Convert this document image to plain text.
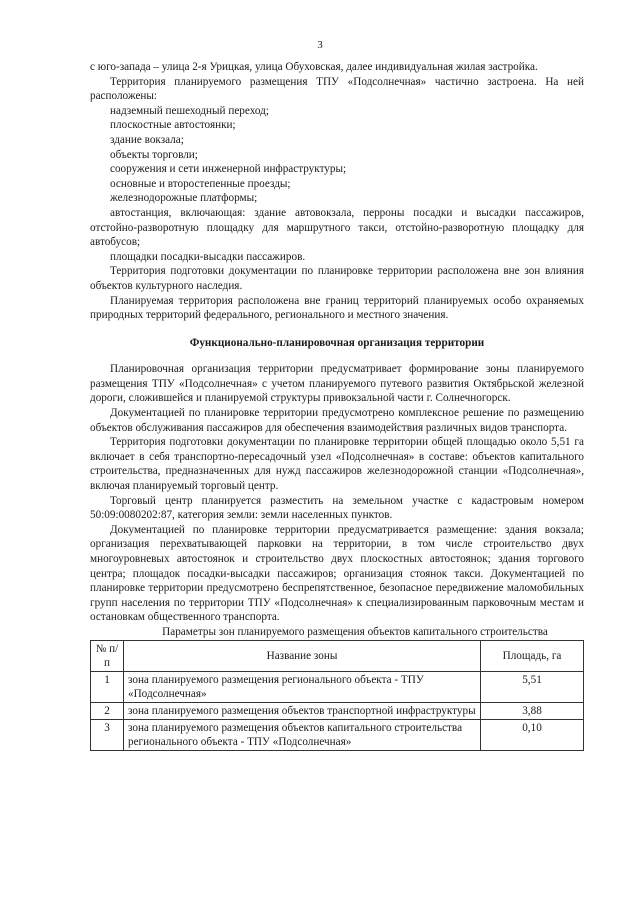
3

с юго-запада – улица 2-я Урицкая, улица Обуховская, далее индивидуальная жилая застройка.

Территория планируемого размещения ТПУ «Подсолнечная» частично застроена. На ней расположены:

надземный пешеходный переход;
плоскостные автостоянки;
здание вокзала;
объекты торговли;
сооружения и сети инженерной инфраструктуры;
основные и второстепенные проезды;
железнодорожные платформы;
автостанция, включающая: здание автовокзала, перроны посадки и высадки пассажиров, отстойно-разворотную площадку для маршрутного такси, отстойно-разворотную площадку для автобусов;
площадки посадки-высадки пассажиров.

Территория подготовки документации по планировке территории расположена вне зон влияния объектов культурного наследия.

Планируемая территория расположена вне границ территорий планируемых особо охраняемых природных территорий федерального, регионального и местного значения.

Функционально-планировочная организация территории

Планировочная организация территории предусматривает формирование зоны планируемого размещения ТПУ «Подсолнечная» с учетом планируемого путевого развития Октябрьской железной дороги, сложившейся и планируемой структуры привокзальной части г. Солнечногорск.

Документацией по планировке территории предусмотрено комплексное решение по размещению объектов обслуживания пассажиров для обеспечения взаимодействия различных видов транспорта.

Территория подготовки документации по планировке территории общей площадью около 5,51 га включает в себя транспортно-пересадочный узел «Подсолнечная» в составе: объектов капитального строительства, предназначенных для нужд пассажиров железнодорожной станции «Подсолнечная», включая планируемый торговый центр.

Торговый центр планируется разместить на земельном участке с кадастровым номером 50:09:0080202:87, категория земли: земли населенных пунктов.

Документацией по планировке территории предусматривается размещение: здания вокзала; организация перехватывающей парковки на территории, в том числе строительство двух многоуровневых автостоянок и строительство двух плоскостных автостоянок; здания торгового центра; площадок посадки-высадки пассажиров; организация стоянок такси. Документацией по планировке территории предусмотрено беспрепятственное, безопасное передвижение маломобильных групп населения по территории ТПУ «Подсолнечная» к специализированным парковочным местам и остановкам общественного транспорта.

Параметры зон планируемого размещения объектов капитального строительства

№ п/п	Название зоны	Площадь, га
1	зона планируемого размещения регионального объекта - ТПУ «Подсолнечная»	5,51
2	зона планируемого размещения объектов транспортной инфраструктуры	3,88
3	зона планируемого размещения объектов капитального строительства регионального объекта - ТПУ «Подсолнечная»	0,10
